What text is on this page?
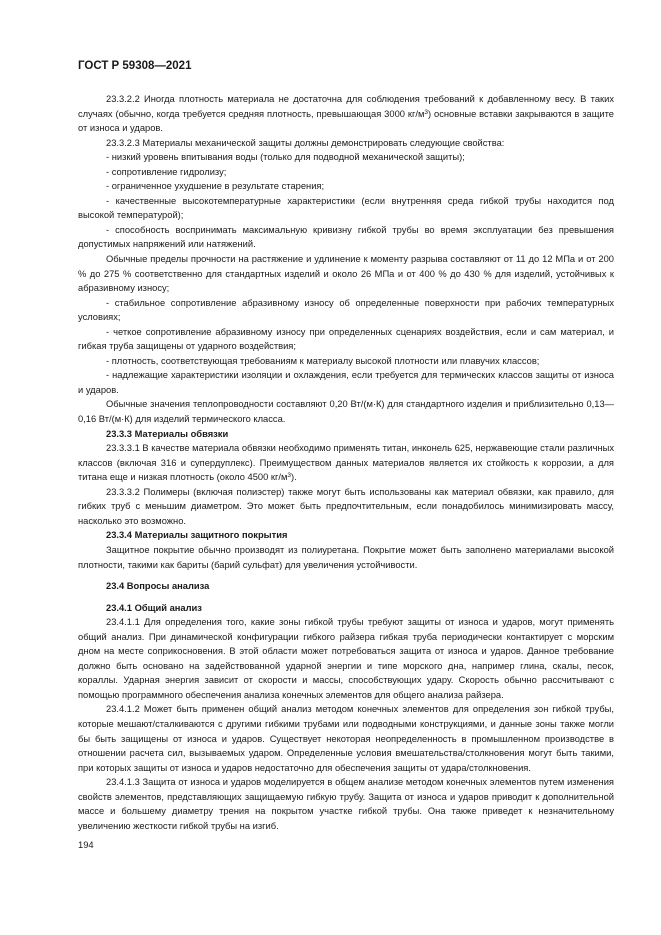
ГОСТ Р 59308—2021

23.3.2.2 Иногда плотность материала не достаточна для соблюдения требований к добавленному весу. В таких случаях (обычно, когда требуется средняя плотность, превышающая 3000 $кг/м^3$) основные вставки закрываются в защите от износа и ударов.

23.3.2.3 Материалы механической защиты должны демонстрировать следующие свойства:

- низкий уровень впитывания воды (только для подводной механической защиты);

- сопротивление гидролизу;

- ограниченное ухудшение в результате старения;

- качественные высокотемпературные характеристики (если внутренняя среда гибкой трубы находится под высокой температурой);

- способность воспринимать максимальную кривизну гибкой трубы во время эксплуатации без превышения допустимых напряжений или натяжений.

Обычные пределы прочности на растяжение и удлинение к моменту разрыва составляют от 11 до 12 МПа и от 200 % до 275 % соответственно для стандартных изделий и около 26 МПа и от 400 % до 430 % для изделий, устойчивых к абразивному износу;

- стабильное сопротивление абразивному износу об определенные поверхности при рабочих температурных условиях;

- четкое сопротивление абразивному износу при определенных сценариях воздействия, если и сам материал, и гибкая труба защищены от ударного воздействия;

- плотность, соответствующая требованиям к материалу высокой плотности или плавучих классов;

- надлежащие характеристики изоляции и охлаждения, если требуется для термических классов защиты от износа и ударов.

Обычные значения теплопроводности составляют 0,20 Вт/(м·К) для стандартного изделия и приблизительно 0,13—0,16 Вт/(м·К) для изделий термического класса.

23.3.3 Материалы обвязки

23.3.3.1 В качестве материала обвязки необходимо применять титан, инконель 625, нержавеющие стали различных классов (включая 316 и супердуплекс). Преимуществом данных материалов является их стойкость к коррозии, а для титана еще и низкая плотность (около 4500 $кг/м^3$).

23.3.3.2 Полимеры (включая полиэстер) также могут быть использованы как материал обвязки, как правило, для гибких труб с меньшим диаметром. Это может быть предпочтительным, если понадобилось минимизировать массу, насколько это возможно.

23.3.4 Материалы защитного покрытия

Защитное покрытие обычно производят из полиуретана. Покрытие может быть заполнено материалами высокой плотности, такими как бариты (барий сульфат) для увеличения устойчивости.

23.4 Вопросы анализа

23.4.1 Общий анализ

23.4.1.1 Для определения того, какие зоны гибкой трубы требуют защиты от износа и ударов, могут применять общий анализ. При динамической конфигурации гибкого райзера гибкая труба периодически контактирует с морским дном на месте соприкосновения. В этой области может потребоваться защита от износа и ударов. Данное требование должно быть основано на задействованной ударной энергии и типе морского дна, например глина, скалы, песок, кораллы. Ударная энергия зависит от скорости и массы, способствующих удару. Скорость обычно рассчитывают с помощью программного обеспечения анализа конечных элементов для общего анализа райзера.

23.4.1.2 Может быть применен общий анализ методом конечных элементов для определения зон гибкой трубы, которые мешают/сталкиваются с другими гибкими трубами или подводными конструкциями, и данные зоны также могли бы быть защищены от износа и ударов. Существует некоторая неопределенность в промышленном производстве в отношении расчета сил, вызываемых ударом. Определенные условия вмешательства/столкновения могут быть такими, при которых защиты от износа и ударов недостаточно для обеспечения защиты от удара/столкновения.

23.4.1.3 Защита от износа и ударов моделируется в общем анализе методом конечных элементов путем изменения свойств элементов, представляющих защищаемую гибкую трубу. Защита от износа и ударов приводит к дополнительной массе и большему диаметру трения на покрытом участке гибкой трубы. Она также приведет к незначительному увеличению жесткости гибкой трубы на изгиб.

194
